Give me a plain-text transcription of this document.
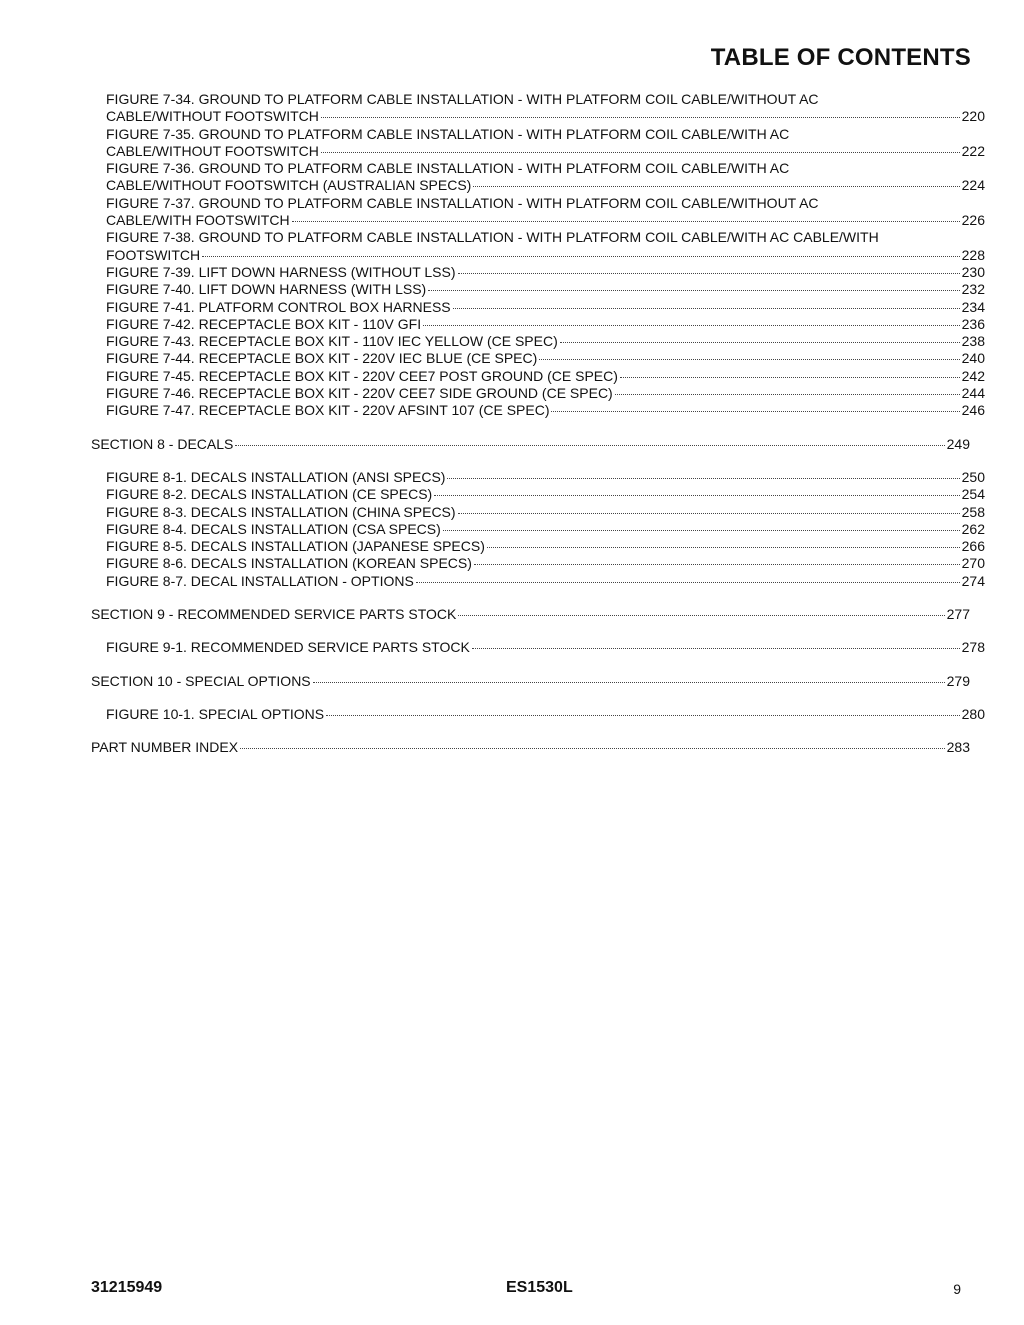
TABLE OF CONTENTS
FIGURE 7-34. GROUND TO PLATFORM CABLE INSTALLATION - WITH PLATFORM COIL CABLE/WITHOUT AC
CABLE/WITHOUT FOOTSWITCH	220
FIGURE 7-35. GROUND TO PLATFORM CABLE INSTALLATION - WITH PLATFORM COIL CABLE/WITH AC
CABLE/WITHOUT FOOTSWITCH	222
FIGURE 7-36. GROUND TO PLATFORM CABLE INSTALLATION - WITH PLATFORM COIL CABLE/WITH AC
CABLE/WITHOUT FOOTSWITCH (AUSTRALIAN SPECS)	224
FIGURE 7-37. GROUND TO PLATFORM CABLE INSTALLATION - WITH PLATFORM COIL CABLE/WITHOUT AC
CABLE/WITH FOOTSWITCH	226
FIGURE 7-38. GROUND TO PLATFORM CABLE INSTALLATION - WITH PLATFORM COIL CABLE/WITH AC CABLE/WITH
FOOTSWITCH	228
FIGURE 7-39. LIFT DOWN HARNESS (WITHOUT LSS)	230
FIGURE 7-40. LIFT DOWN HARNESS (WITH LSS)	232
FIGURE 7-41. PLATFORM CONTROL BOX HARNESS	234
FIGURE 7-42. RECEPTACLE BOX KIT - 110V GFI	236
FIGURE 7-43. RECEPTACLE BOX KIT - 110V IEC YELLOW (CE SPEC)	238
FIGURE 7-44. RECEPTACLE BOX KIT - 220V IEC BLUE (CE SPEC)	240
FIGURE 7-45. RECEPTACLE BOX KIT - 220V CEE7 POST GROUND (CE SPEC)	242
FIGURE 7-46. RECEPTACLE BOX KIT - 220V CEE7 SIDE GROUND (CE SPEC)	244
FIGURE 7-47. RECEPTACLE BOX KIT - 220V AFSINT 107 (CE SPEC)	246
SECTION 8 - DECALS	249
FIGURE 8-1. DECALS INSTALLATION (ANSI SPECS)	250
FIGURE 8-2. DECALS INSTALLATION (CE SPECS)	254
FIGURE 8-3. DECALS INSTALLATION (CHINA SPECS)	258
FIGURE 8-4. DECALS INSTALLATION (CSA SPECS)	262
FIGURE 8-5. DECALS INSTALLATION (JAPANESE SPECS)	266
FIGURE 8-6. DECALS INSTALLATION (KOREAN SPECS)	270
FIGURE 8-7. DECAL INSTALLATION - OPTIONS	274
SECTION 9 - RECOMMENDED SERVICE PARTS STOCK	277
FIGURE 9-1. RECOMMENDED SERVICE PARTS STOCK	278
SECTION 10 - SPECIAL OPTIONS	279
FIGURE 10-1. SPECIAL OPTIONS	280
PART NUMBER INDEX	283
31215949	ES1530L	9
